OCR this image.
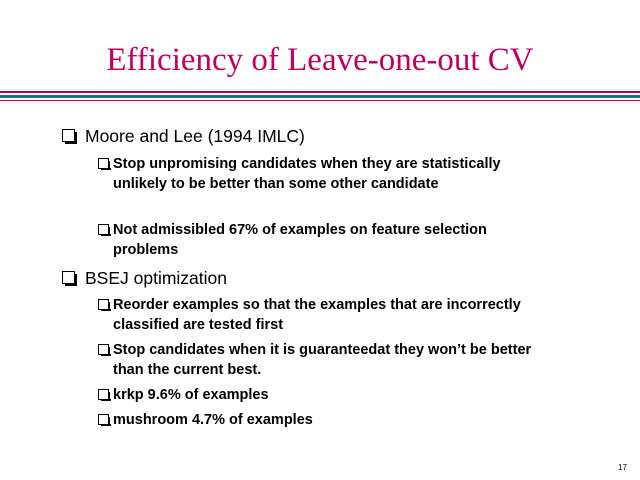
Efficiency of Leave-one-out CV
Moore and Lee (1994 IMLC)
Stop unpromising candidates when they are statistically unlikely to be better than some other candidate
Not admissibled 67% of examples on feature selection problems
BSEJ optimization
Reorder examples so that the examples that are incorrectly classified are tested first
Stop candidates when it is guaranteedat they won’t be better than the current best.
krkp 9.6% of examples
mushroom 4.7% of examples
17
